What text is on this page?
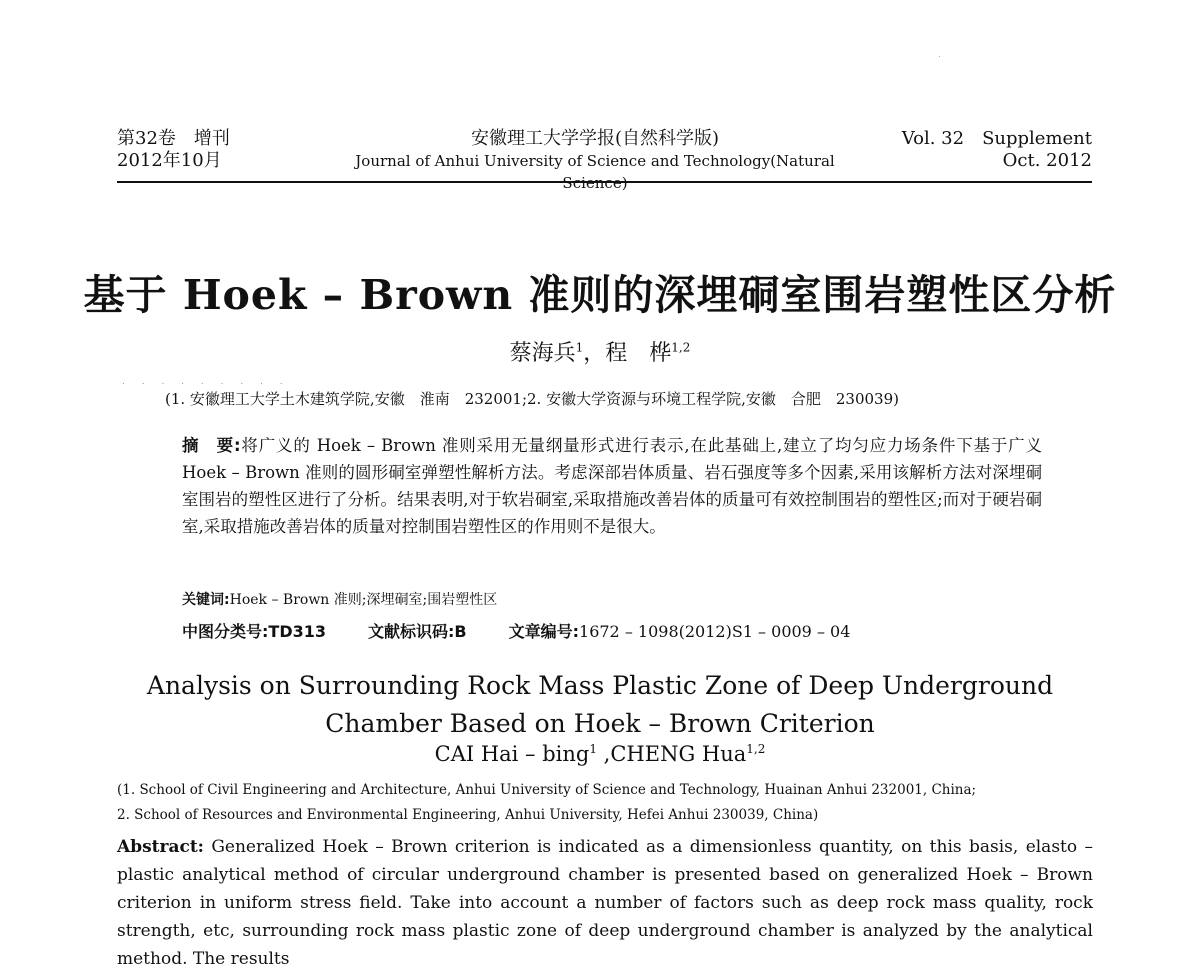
.
第32卷　增刊
2012年10月
安徽理工大学学报(自然科学版)
Journal of Anhui University of Science and Technology(Natural Science)
Vol. 32　Supplement
Oct. 2012
基于 Hoek – Brown 准则的深埋硐室围岩塑性区分析
蔡海兵$^1$，程　桦$^{1,2}$
. . . . . . . . .
(1. 安徽理工大学土木建筑学院,安徽　淮南　232001;2. 安徽大学资源与环境工程学院,安徽　合肥　230039)
摘　要:将广义的 Hoek – Brown 准则采用无量纲量形式进行表示,在此基础上,建立了均匀应力场条件下基于广义 Hoek – Brown 准则的圆形硐室弹塑性解析方法。考虑深部岩体质量、岩石强度等多个因素,采用该解析方法对深埋硐室围岩的塑性区进行了分析。结果表明,对于软岩硐室,采取措施改善岩体的质量可有效控制围岩的塑性区;而对于硬岩硐室,采取措施改善岩体的质量对控制围岩塑性区的作用则不是很大。
关键词:Hoek – Brown 准则;深埋硐室;围岩塑性区
中图分类号:TD313	文献标识码:B	文章编号:1672 – 1098(2012)S1 – 0009 – 04
Analysis on Surrounding Rock Mass Plastic Zone of Deep Underground
Chamber Based on Hoek – Brown Criterion
CAI Hai – bing$^1$ ,CHENG Hua$^{1,2}$
(1. School of Civil Engineering and Architecture, Anhui University of Science and Technology, Huainan Anhui 232001, China;
2. School of Resources and Environmental Engineering, Anhui University, Hefei Anhui 230039, China)
Abstract: Generalized Hoek – Brown criterion is indicated as a dimensionless quantity, on this basis, elasto – plastic analytical method of circular underground chamber is presented based on generalized Hoek – Brown criterion in uniform stress field. Take into account a number of factors such as deep rock mass quality, rock strength, etc, surrounding rock mass plastic zone of deep underground chamber is analyzed by the analytical method. The results
